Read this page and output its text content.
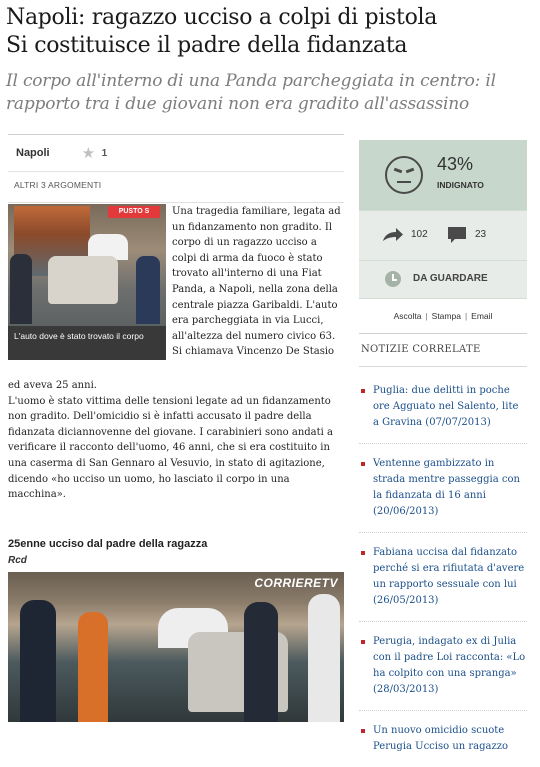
Napoli: ragazzo ucciso a colpi di pistola
Si costituisce il padre della fidanzata
Il corpo all'interno di una Panda parcheggiata in centro: il rapporto tra i due giovani non era gradito all'assassino
Napoli ★ 1
ALTRI 3 ARGOMENTI
PUSTO S
L'auto dove è stato trovato il corpo
Una tragedia familiare, legata ad un fidanzamento non gradito. Il corpo di un ragazzo ucciso a colpi di arma da fuoco è stato trovato all'interno di una Fiat Panda, a Napoli, nella zona della centrale piazza Garibaldi. L'auto era parcheggiata in via Lucci, all'altezza del numero civico 63. Si chiamava Vincenzo De Stasio
ed aveva 25 anni.
L'uomo è stato vittima delle tensioni legate ad un fidanzamento non gradito. Dell'omicidio si è infatti accusato il padre della fidanzata diciannovenne del giovane. I carabinieri sono andati a verificare il racconto dell'uomo, 46 anni, che si era costituito in una caserma di San Gennaro al Vesuvio, in stato di agitazione, dicendo «ho ucciso un uomo, ho lasciato il corpo in una macchina».
25enne ucciso dal padre della ragazza
Rcd
CORRIERETV
43%
INDIGNATO
102	23
DA GUARDARE
Ascolta | Stampa | Email
NOTIZIE CORRELATE
Puglia: due delitti in poche ore Agguato nel Salento, lite a Gravina (07/07/2013)
Ventenne gambizzato in strada mentre passeggia con la fidanzata di 16 anni (20/06/2013)
Fabiana uccisa dal fidanzato perché si era rifiutata d'avere un rapporto sessuale con lui (26/05/2013)
Perugia, indagato ex di Julia con il padre Loi racconta: «Lo ha colpito con una spranga» (28/03/2013)
Un nuovo omicidio scuote Perugia Ucciso un ragazzo
